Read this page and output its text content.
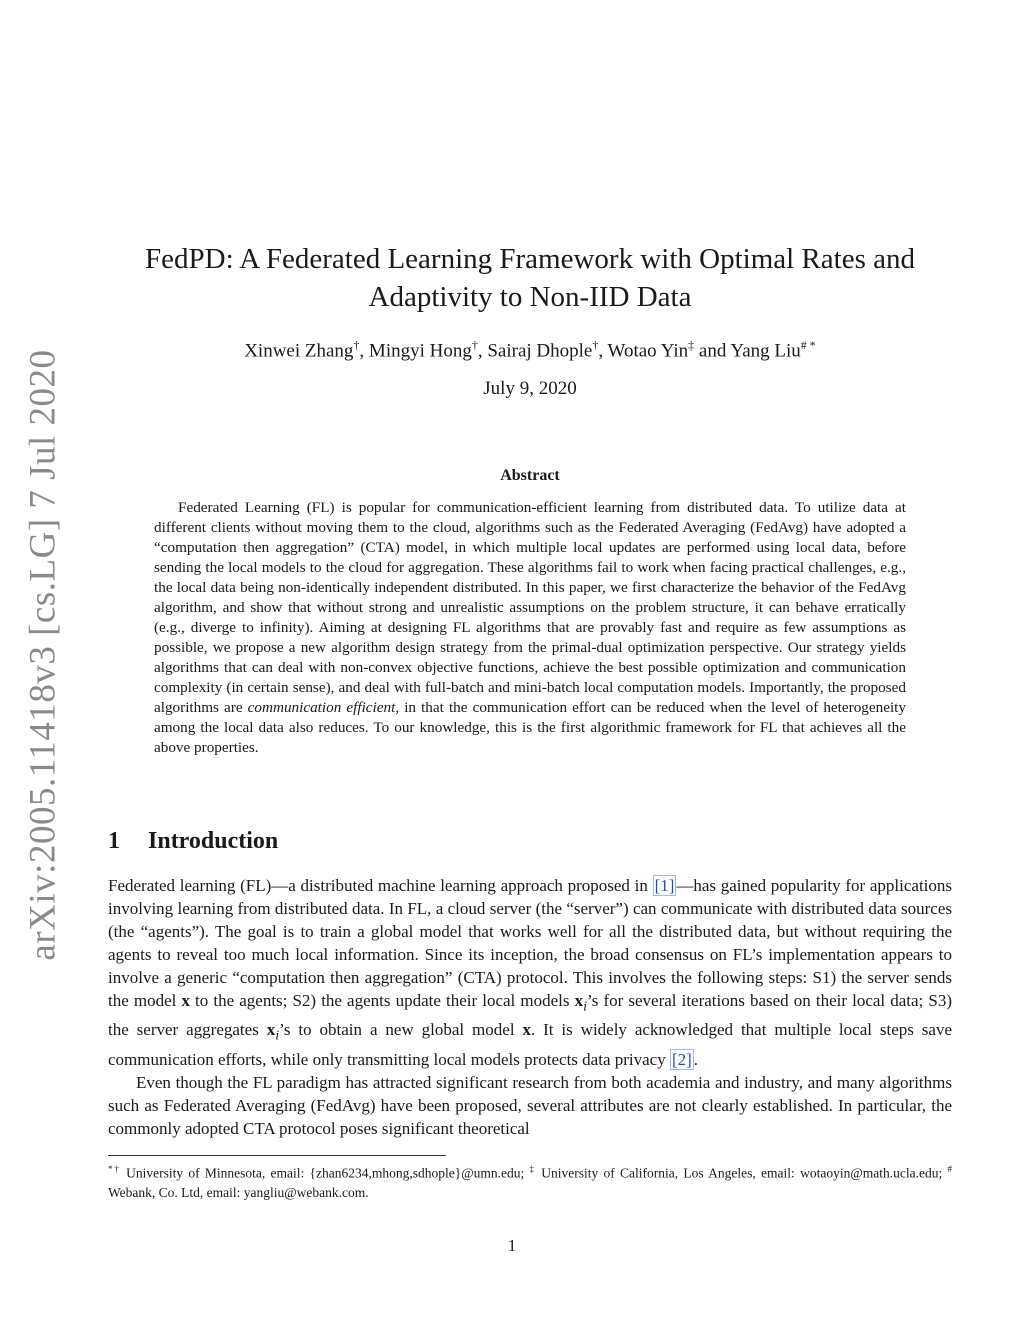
arXiv:2005.11418v3 [cs.LG] 7 Jul 2020
FedPD: A Federated Learning Framework with Optimal Rates and
Adaptivity to Non-IID Data
Xinwei Zhang†, Mingyi Hong†, Sairaj Dhople†, Wotao Yin‡ and Yang Liu# *
July 9, 2020
Abstract
Federated Learning (FL) is popular for communication-efficient learning from distributed data. To utilize data at different clients without moving them to the cloud, algorithms such as the Federated Averaging (FedAvg) have adopted a “computation then aggregation” (CTA) model, in which multiple local updates are performed using local data, before sending the local models to the cloud for aggregation. These algorithms fail to work when facing practical challenges, e.g., the local data being non-identically independent distributed. In this paper, we first characterize the behavior of the FedAvg algorithm, and show that without strong and unrealistic assumptions on the problem structure, it can behave erratically (e.g., diverge to infinity). Aiming at designing FL algorithms that are provably fast and require as few assumptions as possible, we propose a new algorithm design strategy from the primal-dual optimization perspective. Our strategy yields algorithms that can deal with non-convex objective functions, achieve the best possible optimization and communication complexity (in certain sense), and deal with full-batch and mini-batch local computation models. Importantly, the proposed algorithms are communication efficient, in that the communication effort can be reduced when the level of heterogeneity among the local data also reduces. To our knowledge, this is the first algorithmic framework for FL that achieves all the above properties.
1 Introduction

Federated learning (FL)—a distributed machine learning approach proposed in [1] —has gained popularity for applications involving learning from distributed data. In FL, a cloud server (the “server”) can communicate with distributed data sources (the “agents”). The goal is to train a global model that works well for all the distributed data, but without requiring the agents to reveal too much local information. Since its inception, the broad consensus on FL’s implementation appears to involve a generic “computation then aggregation” (CTA) protocol. This involves the following steps: S1) the server sends the model x to the agents; S2) the agents update their local models $x_i’s$ for several iterations based on their local data; S3) the server aggregates $x_i’s$ to obtain a new global model x. It is widely acknowledged that multiple local steps save communication efforts, while only transmitting local models protects data privacy [2] .

Even though the FL paradigm has attracted significant research from both academia and industry, and many algorithms such as Federated Averaging (FedAvg) have been proposed, several attributes are not clearly established. In particular, the commonly adopted CTA protocol poses significant theoretical

*† University of Minnesota, email: {zhan6234,mhong,sdhople}@umn.edu; ‡ University of California, Los Angeles, email: wotaoyin@math.ucla.edu; # Webank, Co. Ltd, email: yangliu@webank.com.
1
